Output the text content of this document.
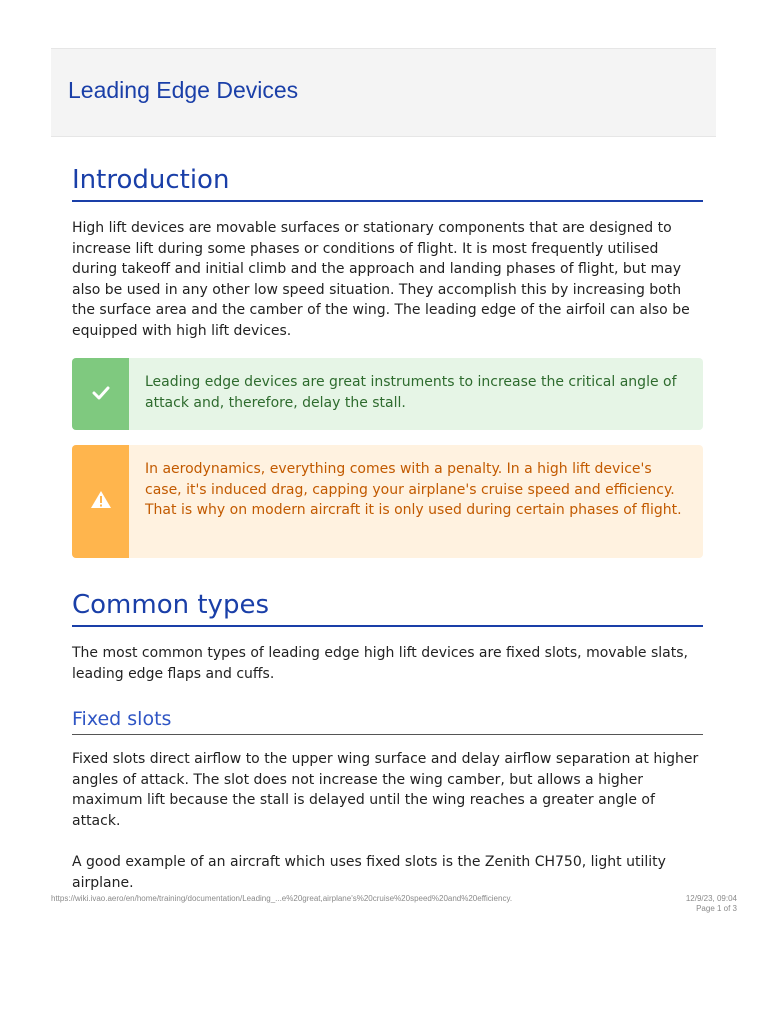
Leading Edge Devices
Introduction

High lift devices are movable surfaces or stationary components that are designed to increase lift during some phases or conditions of flight. It is most frequently utilised during takeoff and initial climb and the approach and landing phases of flight, but may also be used in any other low speed situation. They accomplish this by increasing both the surface area and the camber of the wing. The leading edge of the airfoil can also be equipped with high lift devices.

Leading edge devices are great instruments to increase the critical angle of attack and, therefore, delay the stall.
In aerodynamics, everything comes with a penalty. In a high lift device's case, it's induced drag, capping your airplane's cruise speed and efficiency. That is why on modern aircraft it is only used during certain phases of flight.
Common types

The most common types of leading edge high lift devices are fixed slots, movable slats, leading edge flaps and cuffs.

Fixed slots

Fixed slots direct airflow to the upper wing surface and delay airflow separation at higher angles of attack. The slot does not increase the wing camber, but allows a higher maximum lift because the stall is delayed until the wing reaches a greater angle of attack.

A good example of an aircraft which uses fixed slots is the Zenith CH750, light utility airplane.

https://wiki.ivao.aero/en/home/training/documentation/Leading_...e%20great,airplane's%20cruise%20speed%20and%20efficiency.	12/9/23, 09:04
Page 1 of 3
